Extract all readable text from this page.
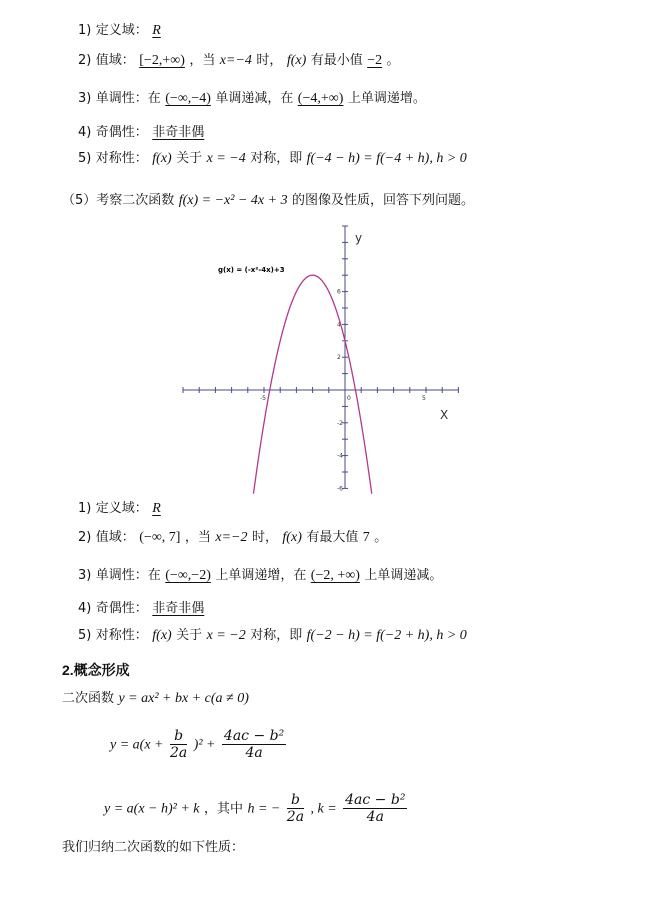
1) 定义域： R
2) 值域： [−2,+∞) ，当 x=−4 时， f(x) 有最小值 −2 。
3) 单调性：在 (−∞,−4) 单调递减，在 (−4,+∞) 上单调递增。
4) 奇偶性： 非奇非偶
5) 对称性： f(x) 关于 x = −4 对称，即 f(−4 − h) = f(−4 + h), h > 0
（5）考察二次函数 f(x) = −x² − 4x + 3 的图像及性质，回答下列问题。
-5	0	5
6
4
2
-2
-4
-6
g(x) = (-x²-4x)+3
y
X
1) 定义域： R
2) 值域： (−∞, 7] ，当 x=−2 时， f(x) 有最大值 7 。
3) 单调性：在 (−∞,−2) 上单调递增，在 (−2, +∞) 上单调递减。
4) 奇偶性： 非奇非偶
5) 对称性： f(x) 关于 x = −2 对称，即 f(−2 − h) = f(−2 + h), h > 0
2.概念形成
二次函数 y = ax² + bx + c(a ≠ 0)
$y = a(x + \frac{b}{2a} )^2 + \frac{\text{4ac − b²}}{4a}$
y = a(x − h)² + k ，其中 h = − $\frac{b}{2a}$ , $k = \frac{\text{4ac − b²}}{4a}$
我们归纳二次函数的如下性质：
